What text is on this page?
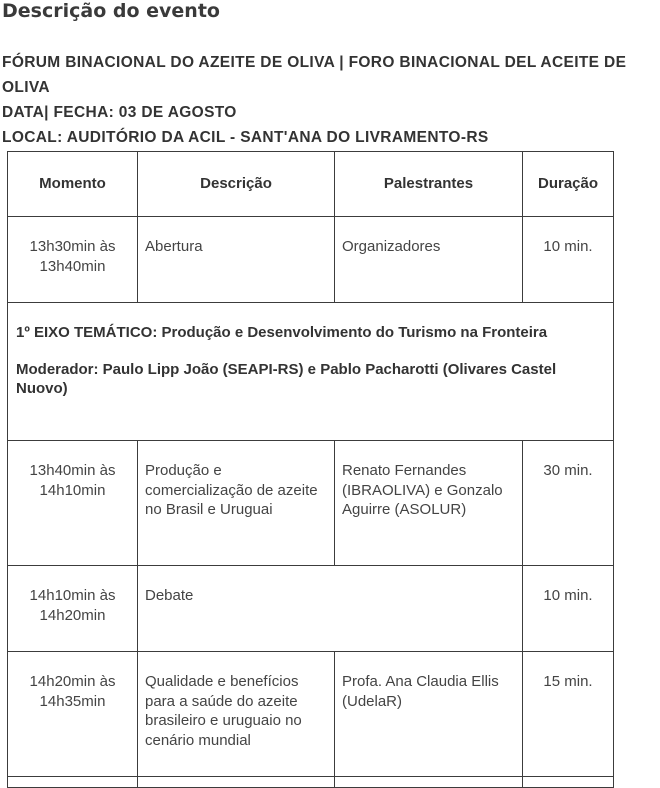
Descrição do evento
FÓRUM BINACIONAL DO AZEITE DE OLIVA | FORO BINACIONAL DEL ACEITE DE OLIVA
DATA| FECHA: 03 DE AGOSTO
LOCAL: AUDITÓRIO DA ACIL - SANT'ANA DO LIVRAMENTO-RS
Momento	Descrição	Palestrantes	Duração
13h30min às 13h40min	Abertura	Organizadores	10 min.

1º EIXO TEMÁTICO: Produção e Desenvolvimento do Turismo na Fronteira

Moderador: Paulo Lipp João (SEAPI-RS) e Pablo Pacharotti (Olivares Castel Nuovo)			

13h40min às 14h10min	Produção e comercialização de azeite no Brasil e Uruguai	Renato Fernandes (IBRAOLIVA) e Gonzalo Aguirre (ASOLUR)	30 min.
14h10min às 14h20min	Debate		10 min.
14h20min às 14h35min	Qualidade e benefícios para a saúde do azeite brasileiro e uruguaio no cenário mundial	Profa. Ana Claudia Ellis (UdelaR)	15 min.
